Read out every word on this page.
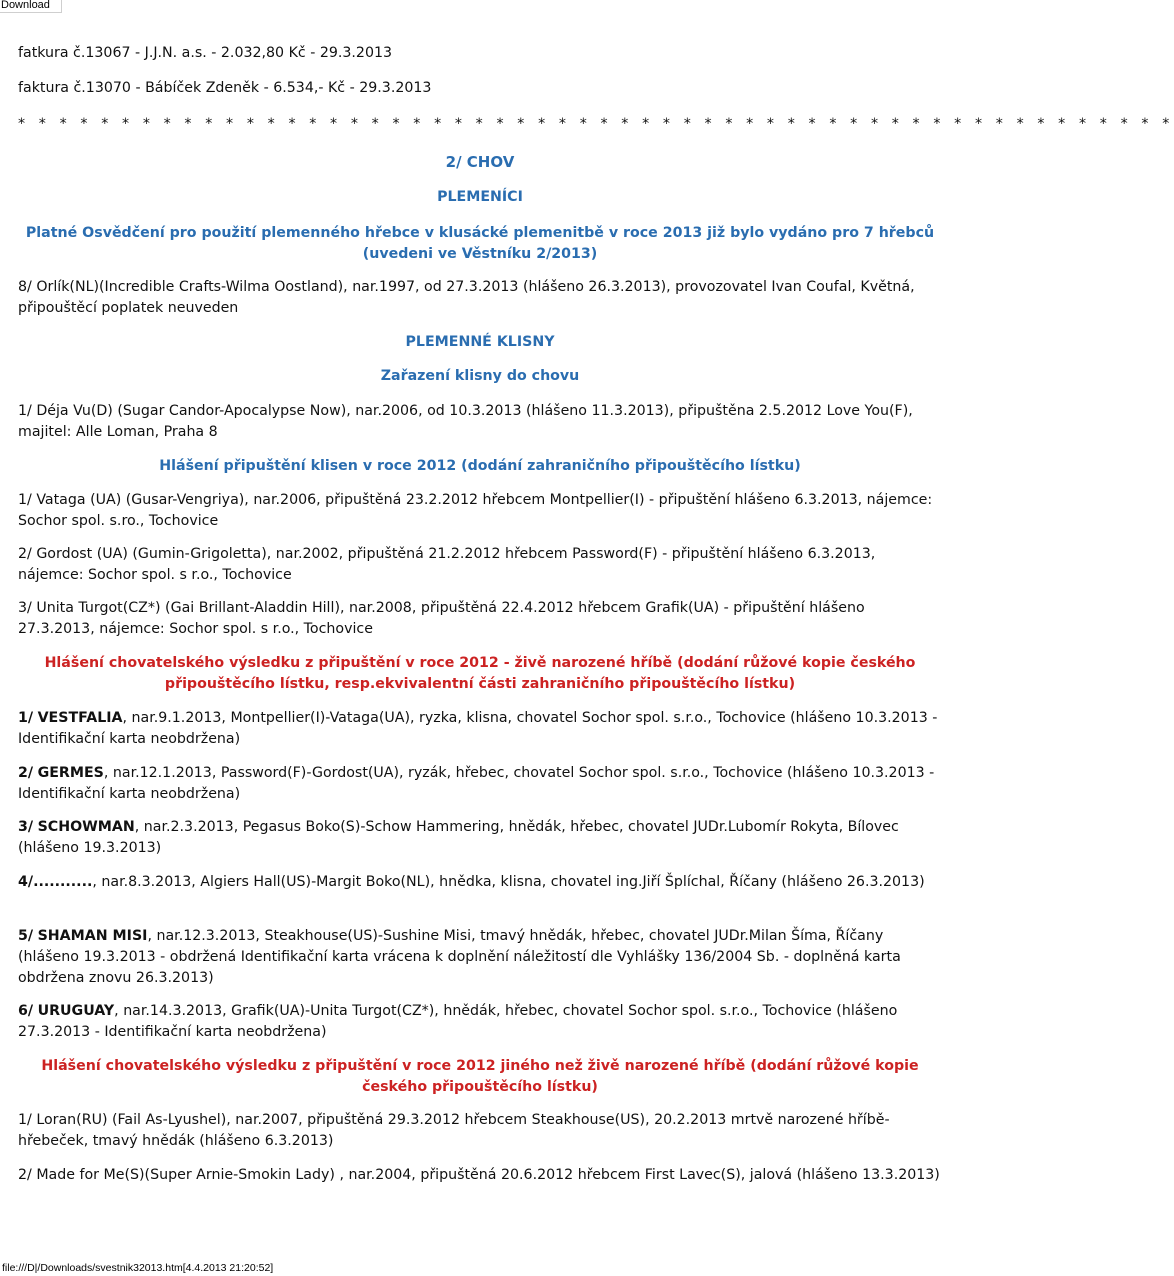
Download
fatkura č.13067 - J.J.N. a.s. - 2.032,80 Kč - 29.3.2013
faktura č.13070 - Bábíček Zdeněk - 6.534,- Kč - 29.3.2013
* * * * * * * * * * * * * * * * * * * * * * * * * * * * * * * * * * * * * * * * * * * * * * * * * * * * * * * *
2/ CHOV
PLEMENÍCI
Platné Osvědčení pro použití plemenného hřebce v klusácké plemenitbě v roce 2013 již bylo vydáno pro 7 hřebců (uvedeni ve Věstníku 2/2013)
8/ Orlík(NL)(Incredible Crafts-Wilma Oostland), nar.1997, od 27.3.2013 (hlášeno 26.3.2013), provozovatel Ivan Coufal, Květná, připouštěcí poplatek neuveden
PLEMENNÉ KLISNY
Zařazení klisny do chovu
1/ Déja Vu(D) (Sugar Candor-Apocalypse Now), nar.2006, od 10.3.2013 (hlášeno 11.3.2013), připuštěna 2.5.2012 Love You(F), majitel: Alle Loman, Praha 8
Hlášení připuštění klisen v roce 2012 (dodání zahraničního připouštěcího lístku)
1/ Vataga (UA) (Gusar-Vengriya), nar.2006, připuštěná 23.2.2012 hřebcem Montpellier(I) - připuštění hlášeno 6.3.2013, nájemce: Sochor spol. s.ro., Tochovice
2/ Gordost (UA) (Gumin-Grigoletta), nar.2002, připuštěná 21.2.2012 hřebcem Password(F) - připuštění hlášeno 6.3.2013, nájemce: Sochor spol. s r.o., Tochovice
3/ Unita Turgot(CZ*) (Gai Brillant-Aladdin Hill), nar.2008, připuštěná 22.4.2012 hřebcem Grafik(UA) - připuštění hlášeno 27.3.2013, nájemce: Sochor spol. s r.o., Tochovice
Hlášení chovatelského výsledku z připuštění v roce 2012 - živě narozené hříbě (dodání růžové kopie českého připouštěcího lístku, resp.ekvivalentní části zahraničního připouštěcího lístku)
1/ VESTFALIA, nar.9.1.2013, Montpellier(I)-Vataga(UA), ryzka, klisna, chovatel Sochor spol. s.r.o., Tochovice (hlášeno 10.3.2013 - Identifikační karta neobdržena)
2/ GERMES, nar.12.1.2013, Password(F)-Gordost(UA), ryzák, hřebec, chovatel Sochor spol. s.r.o., Tochovice (hlášeno 10.3.2013 - Identifikační karta neobdržena)
3/ SCHOWMAN, nar.2.3.2013, Pegasus Boko(S)-Schow Hammering, hnědák, hřebec, chovatel JUDr.Lubomír Rokyta, Bílovec (hlášeno 19.3.2013)
4/..........., nar.8.3.2013, Algiers Hall(US)-Margit Boko(NL), hnědka, klisna, chovatel ing.Jiří Šplíchal, Říčany (hlášeno 26.3.2013)
5/ SHAMAN MISI, nar.12.3.2013, Steakhouse(US)-Sushine Misi, tmavý hnědák, hřebec, chovatel JUDr.Milan Šíma, Říčany (hlášeno 19.3.2013 - obdržená Identifikační karta vrácena k doplnění náležitostí dle Vyhlášky 136/2004 Sb. - doplněná karta obdržena znovu 26.3.2013)
6/ URUGUAY, nar.14.3.2013, Grafik(UA)-Unita Turgot(CZ*), hnědák, hřebec, chovatel Sochor spol. s.r.o., Tochovice (hlášeno 27.3.2013 - Identifikační karta neobdržena)
Hlášení chovatelského výsledku z připuštění v roce 2012 jiného než živě narozené hříbě (dodání růžové kopie českého připouštěcího lístku)
1/ Loran(RU) (Fail As-Lyushel), nar.2007, připuštěná 29.3.2012 hřebcem Steakhouse(US), 20.2.2013 mrtvě narozené hříbě-hřebeček, tmavý hnědák (hlášeno 6.3.2013)
2/ Made for Me(S)(Super Arnie-Smokin Lady) , nar.2004, připuštěná 20.6.2012 hřebcem First Lavec(S), jalová (hlášeno 13.3.2013)
file:///D|/Downloads/svestnik32013.htm[4.4.2013 21:20:52]
